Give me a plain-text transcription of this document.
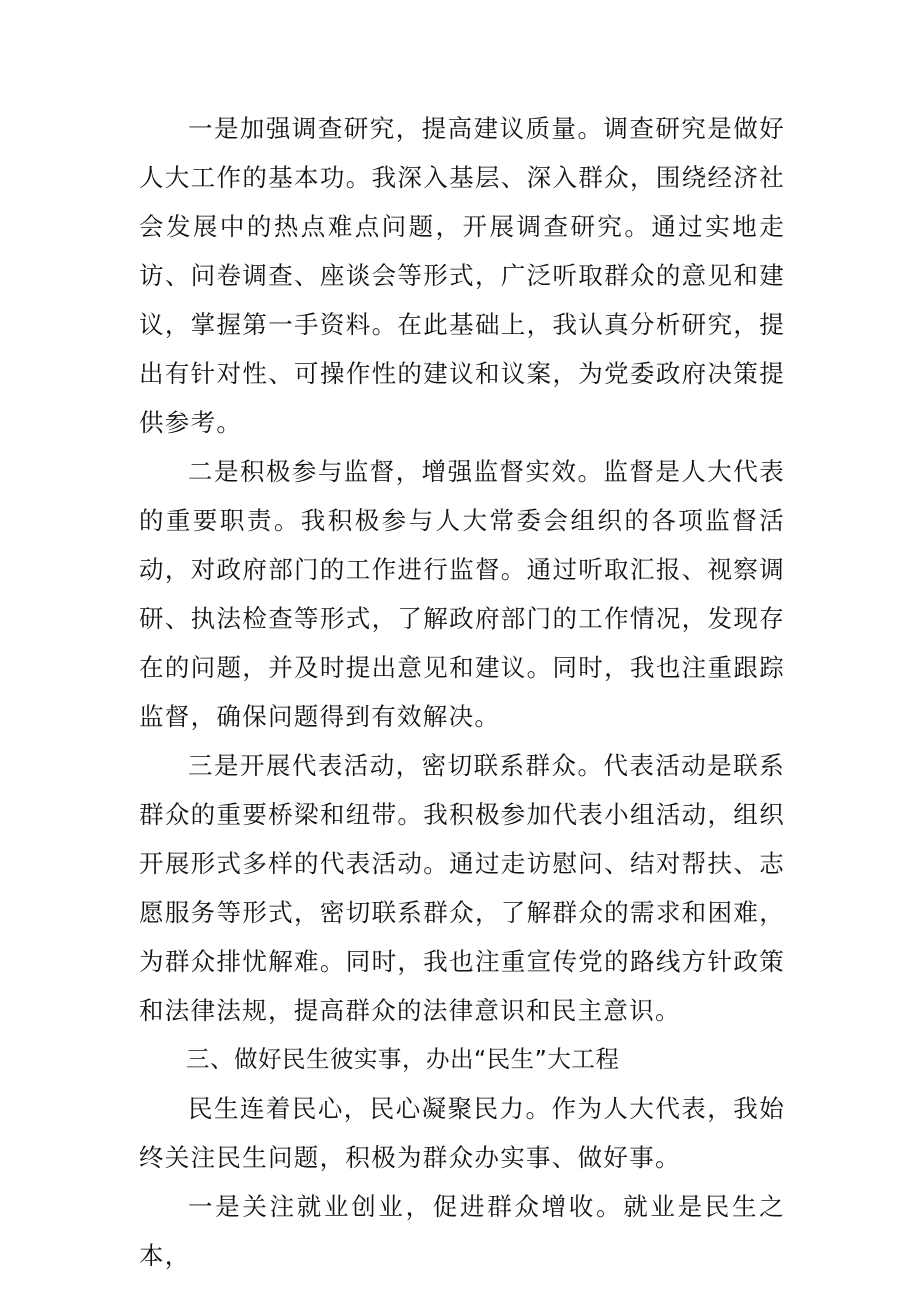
一是加强调查研究，提高建议质量。调查研究是做好人大工作的基本功。我深入基层、深入群众，围绕经济社会发展中的热点难点问题，开展调查研究。通过实地走访、问卷调查、座谈会等形式，广泛听取群众的意见和建议，掌握第一手资料。在此基础上，我认真分析研究，提出有针对性、可操作性的建议和议案，为党委政府决策提供参考。

二是积极参与监督，增强监督实效。监督是人大代表的重要职责。我积极参与人大常委会组织的各项监督活动，对政府部门的工作进行监督。通过听取汇报、视察调研、执法检查等形式，了解政府部门的工作情况，发现存在的问题，并及时提出意见和建议。同时，我也注重跟踪监督，确保问题得到有效解决。

三是开展代表活动，密切联系群众。代表活动是联系群众的重要桥梁和纽带。我积极参加代表小组活动，组织开展形式多样的代表活动。通过走访慰问、结对帮扶、志愿服务等形式，密切联系群众，了解群众的需求和困难，为群众排忧解难。同时，我也注重宣传党的路线方针政策和法律法规，提高群众的法律意识和民主意识。

三、做好民生彼实事，办出“民生”大工程

民生连着民心，民心凝聚民力。作为人大代表，我始终关注民生问题，积极为群众办实事、做好事。

一是关注就业创业，促进群众增收。就业是民生之本，
